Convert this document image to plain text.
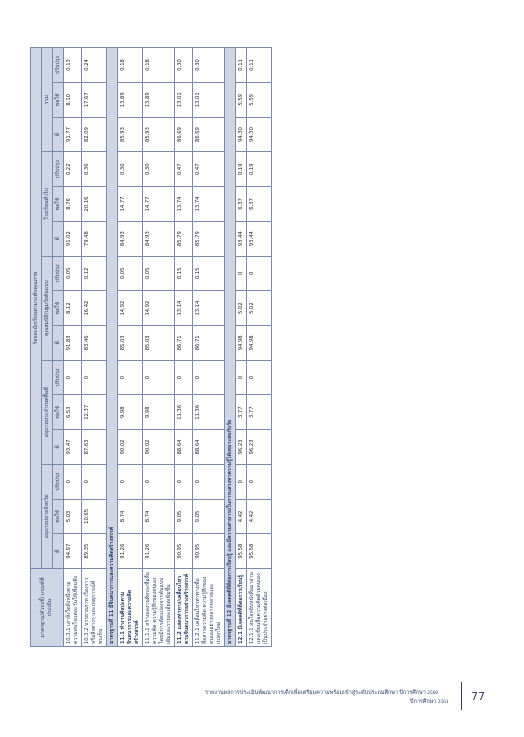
มาตรฐาน/ตัวบ่งชี้/ เกณฑ์ที่ประเมิน	ร้อยละนักเรียนตามระดับคุณภาพ														
	อนุบาลปลายจังหวัด			อนุบาลประจำเขตพื้นที่			คุณสมบัติ/ปฐมวัยต้นแบบ			โรงเรียนทั่วไป			รวม		
	ดี	พอใช้	ปรับปรุง	ดี	พอใช้	ปรับปรุง	ดี	พอใช้	ปรับปรุง	ดี	พอใช้	ปรับปรุง	ดี	พอใช้	ปรับปรุง
10.3.1 เล่าสิ่งใดสิ่งหนึ่งตามความสนใจแต่ละวันให้เพื่อนฟัง	94.97	5.03	0	93.47	6.53	0	91.83	8.12	0.05	91.02	8.76	0.22	91.77	8.10	0.13
10.3.2 บรรยายภาพ เรื่องราว หรือสิ่งต่างๆ และเหตุการณ์ที่พบเห็น	89.35	10.65	0	87.63	12.37	0	83.46	16.42	0.12	79.48	20.16	0.36	82.09	17.67	0.24
มาตรฐานที่ 11 มีจินตนาการและความคิดสร้างสรรค์															
11.1 ทำงานศิลปะตามจินตนาการและความคิดสร้างสรรค์	91.26	8.74	0	90.02	9.98	0	85.03	14.92	0.05	84.93	14.77	0.30	85.93	13.89	0.18
11.1.1 สร้างผลงานศิลปะเพื่อสื่อความคิด ความรู้สึกของตนเอง โดยมีการดัดแปลงจากต้นแบบเดิมและรายละเอียดเพิ่มขึ้น	91.26	8.74	0	90.02	9.98	0	85.03	14.92	0.05	84.93	14.77	0.30	85.93	13.89	0.18
11.2 แสดงท่าทาง/เคลื่อนไหวตามจินตนาการอย่างสร้างสรรค์	90.95	9.05	0	88.64	11.36	0	86.71	13.14	0.15	85.79	13.74	0.47	86.69	13.01	0.30
11.2.1 เคลื่อนไหวท่าทางเพื่อสื่อสารความคิด ความรู้สึกของตนเองอย่างหลากหลายและแปลกใหม่	90.95	9.05	0	88.64	11.36	0	86.71	13.14	0.15	85.79	13.74	0.47	86.69	13.01	0.30
มาตรฐานที่ 12 มีเจตคติที่ดีต่อการเรียนรู้ และมีความสามารถในการแสวงหาความรู้ได้เหมาะสมกับวัย															
12.1 มีเจตคติที่ดีต่อการเรียนรู้	95.58	4.42	0	96.23	3.77	0	94.98	5.02	0	93.44	6.37	0.19	94.30	5.59	0.11
12.1.1 สนใจหยิบหนังสือมาอ่านและเขียนสื่อความคิดด้วยตนเองเป็นประจำอย่างต่อเนื่อง	95.58	4.42	0	96.23	3.77	0	94.98	5.02	0	93.44	6.37	0.19	94.30	5.59	0.11
รายงานผลการประเมินพัฒนาการเด็กเพื่อเตรียมความพร้อมเข้าสู่ระดับประถมศึกษา ปีการศึกษา 2560
ปีการศึกษา 2561 77
